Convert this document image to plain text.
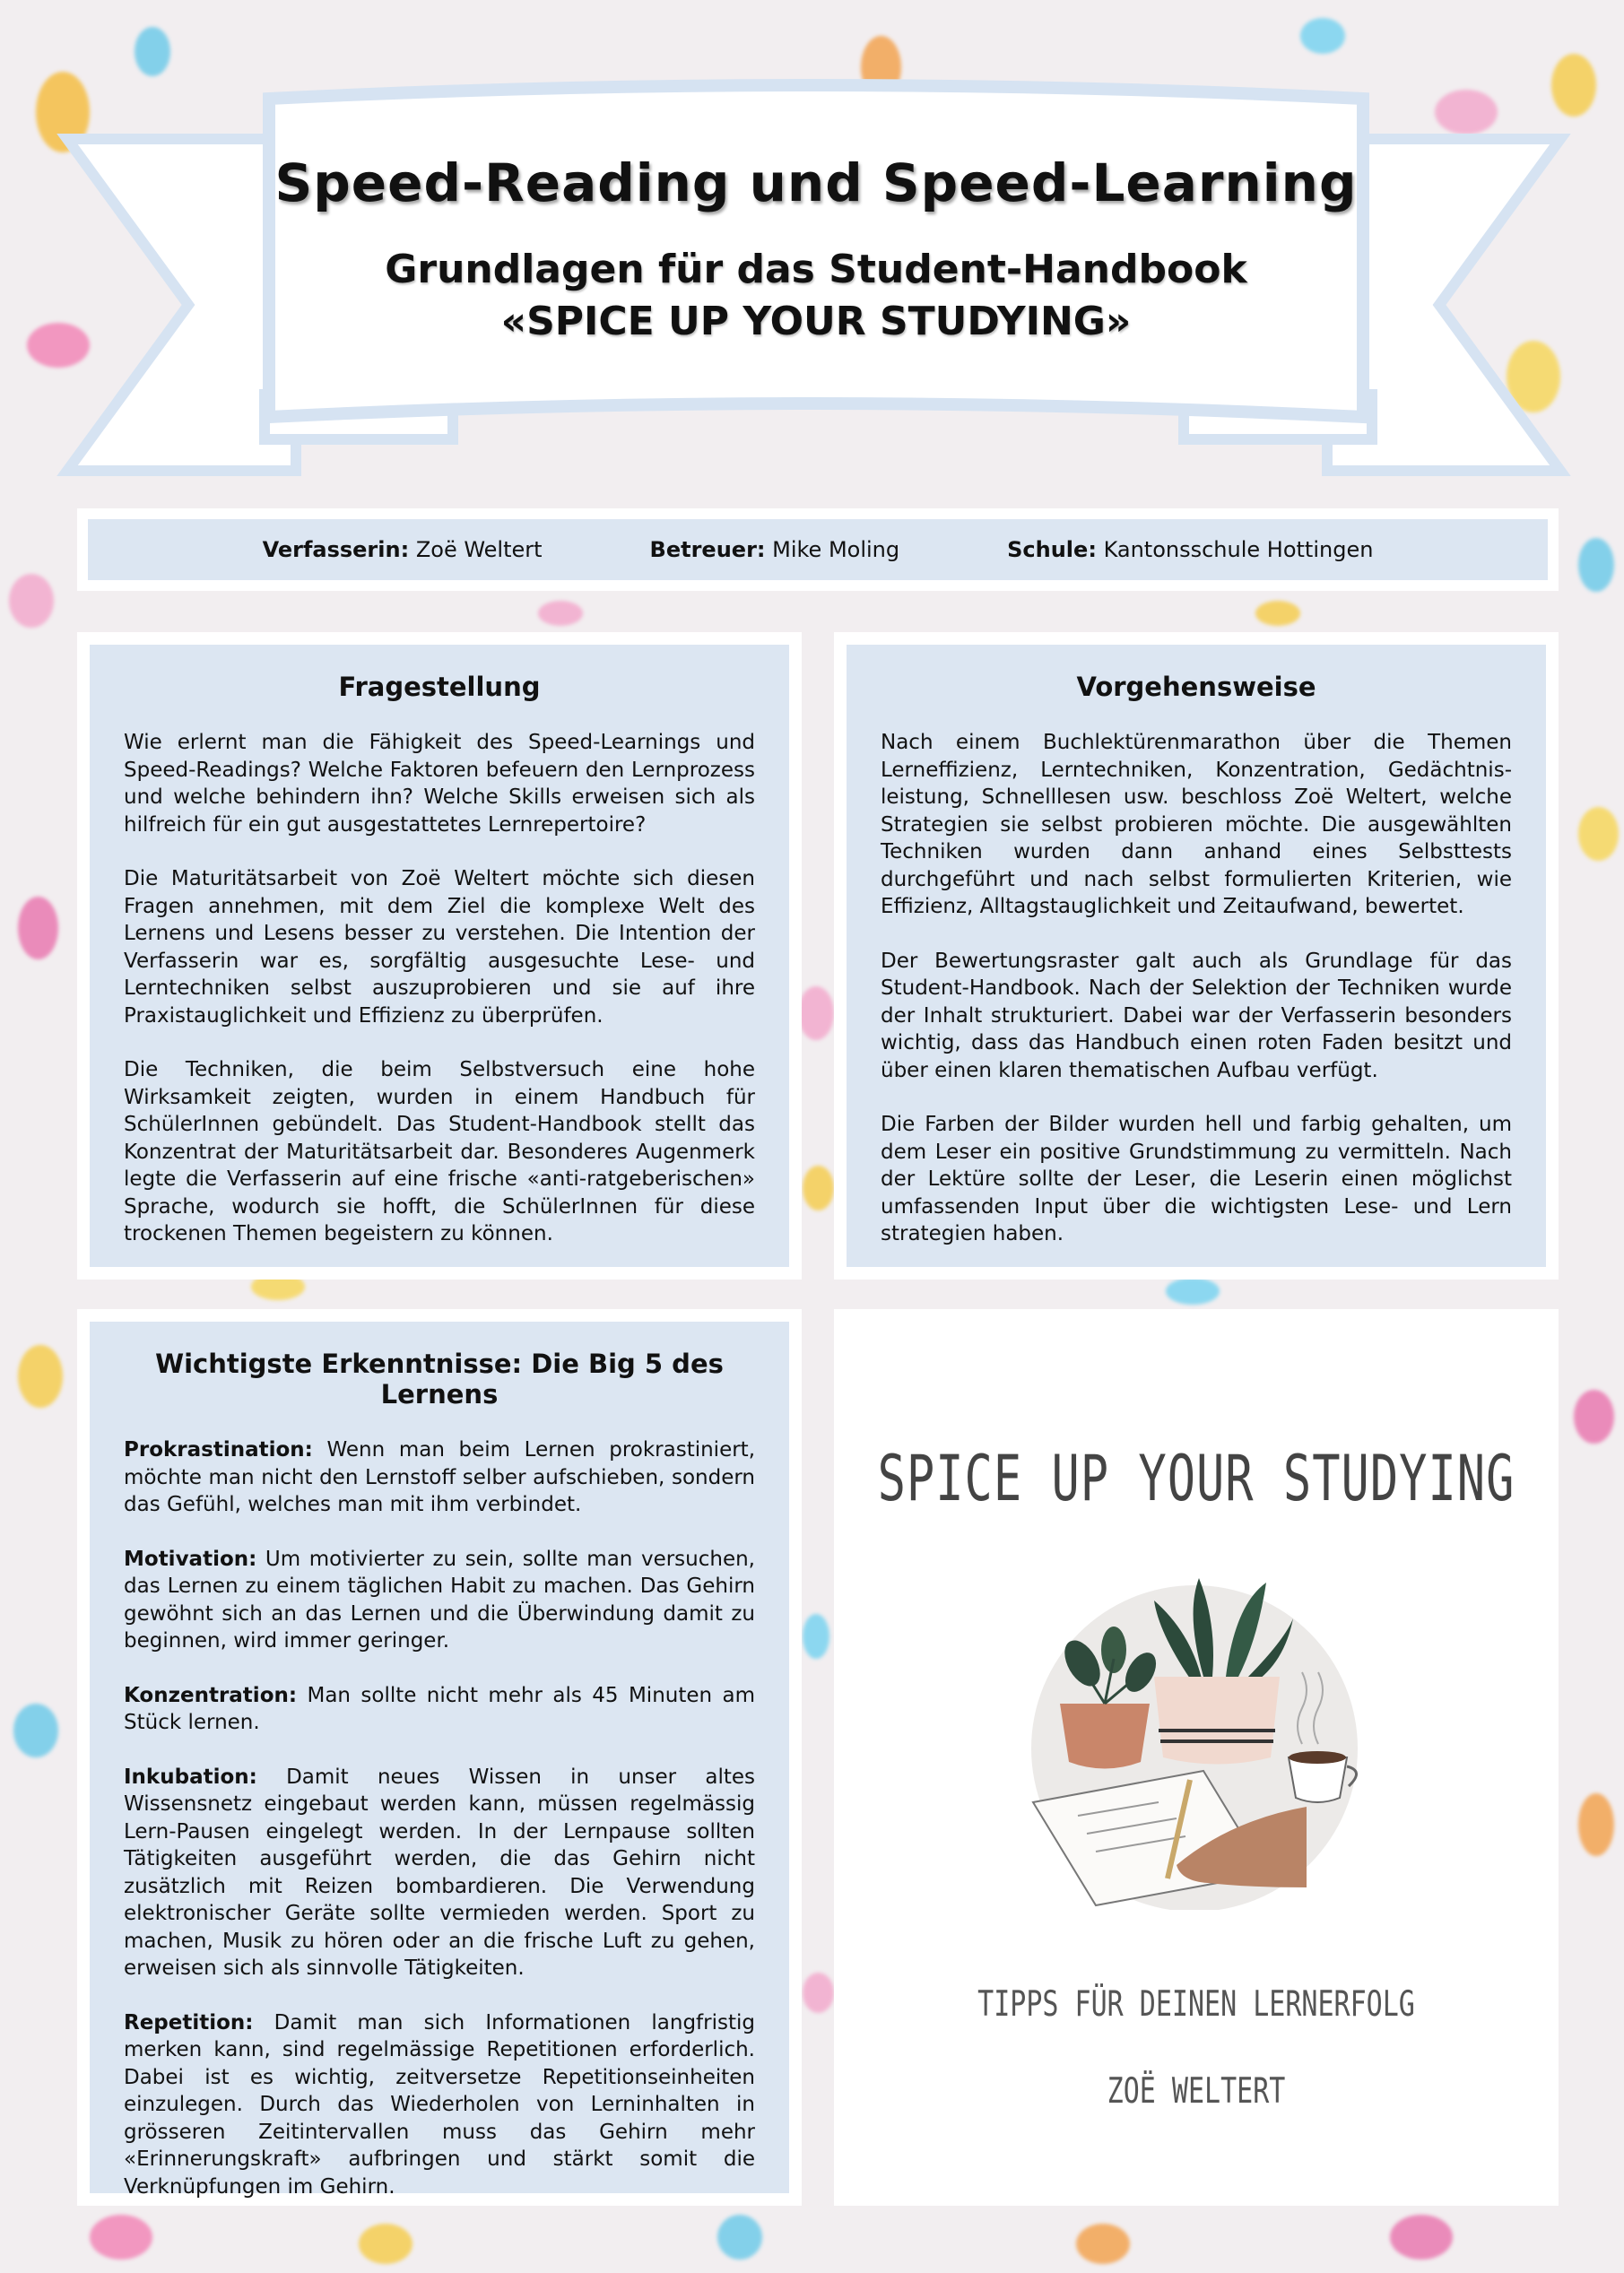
Speed-Reading und Speed-Learning
Grundlagen für das Student-Handbook
«SPICE UP YOUR STUDYING»
Verfasserin: Zoë Weltert	Betreuer: Mike Moling	Schule: Kantonsschule Hottingen
Fragestellung

Wie erlernt man die Fähigkeit des Speed-Learnings und Speed-Readings? Welche Faktoren befeuern den Lernprozess und welche behindern ihn? Welche Skills erweisen sich als hilfreich für ein gut ausgestattetes Lernrepertoire?

Die Maturitätsarbeit von Zoë Weltert möchte sich diesen Fragen annehmen, mit dem Ziel die komplexe Welt des Lernens und Lesens besser zu verstehen. Die Intention der Verfasserin war es, sorgfältig ausgesuchte Lese- und Lerntechniken selbst auszuprobieren und sie auf ihre Praxistauglichkeit und Effizienz zu überprüfen.

Die Techniken, die beim Selbstversuch eine hohe Wirksamkeit zeigten, wurden in einem Handbuch für SchülerInnen gebündelt. Das Student-Handbook stellt das Konzentrat der Maturitätsarbeit dar. Besonderes Augenmerk legte die Verfasserin auf eine frische «anti-ratgeberischen» Sprache, wodurch sie hofft, die SchülerInnen für diese trockenen Themen begeistern zu können.

Vorgehensweise

Nach einem Buchlektürenmarathon über die Themen Lerneffizienz, Lerntechniken, Konzentration, Gedächtnisleistung, Schnelllesen usw. beschloss Zoë Weltert, welche Strategien sie selbst probieren möchte. Die ausgewählten Techniken wurden dann anhand eines Selbsttests durchgeführt und nach selbst formulierten Kriterien, wie Effizienz, Alltagstauglichkeit und Zeitaufwand, bewertet.

Der Bewertungsraster galt auch als Grundlage für das Student-Handbook. Nach der Selektion der Techniken wurde der Inhalt strukturiert. Dabei war der Verfasserin besonders wichtig, dass das Handbuch einen roten Faden besitzt und über einen klaren thematischen Aufbau verfügt.

Die Farben der Bilder wurden hell und farbig gehalten, um dem Leser ein positive Grundstimmung zu vermitteln. Nach der Lektüre sollte der Leser, die Leserin einen möglichst umfassenden Input über die wichtigsten Lese- und Lern strategien haben.

Wichtigste Erkenntnisse: Die Big 5 des Lernens

Prokrastination: Wenn man beim Lernen prokrastiniert, möchte man nicht den Lernstoff selber aufschieben, sondern das Gefühl, welches man mit ihm verbindet.

Motivation: Um motivierter zu sein, sollte man versuchen, das Lernen zu einem täglichen Habit zu machen. Das Gehirn gewöhnt sich an das Lernen und die Überwindung damit zu beginnen, wird immer geringer.

Konzentration: Man sollte nicht mehr als 45 Minuten am Stück lernen.

Inkubation: Damit neues Wissen in unser altes Wissensnetz eingebaut werden kann, müssen regelmässig Lern-Pausen eingelegt werden. In der Lernpause sollten Tätigkeiten ausgeführt werden, die das Gehirn nicht zusätzlich mit Reizen bombardieren. Die Verwendung elektronischer Geräte sollte vermieden werden. Sport zu machen, Musik zu hören oder an die frische Luft zu gehen, erweisen sich als sinnvolle Tätigkeiten.

Repetition: Damit man sich Informationen langfristig merken kann, sind regelmässige Repetitionen erforderlich. Dabei ist es wichtig, zeitversetze Repetitionseinheiten einzulegen. Durch das Wiederholen von Lerninhalten in grösseren Zeitintervallen muss das Gehirn mehr «Erinnerungskraft» aufbringen und stärkt somit die Verknüpfungen im Gehirn.

SPICE UP YOUR STUDYING
TIPPS FÜR DEINEN LERNERFOLG
ZOË WELTERT
